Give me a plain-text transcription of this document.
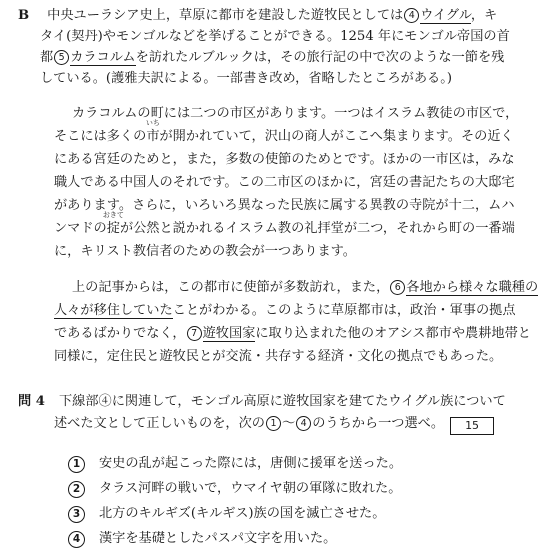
B 中央ユーラシア史上，草原に都市を建設した遊牧民としては 4 ウイグル，キ
タイ(契丹)やモンゴルなどを挙げることができる。1254 年にモンゴル帝国の首
都 5 カラコルムを訪れたルブルックは，その旅行記の中で次のような一節を残
している。(護雅夫訳による。一部書き改め，省略したところがある。)
カラコルムの町には二つの市区があります。一つはイスラム教徒の市区で，
そこには多くの
いち
市が開かれていて，沢山の商人がここへ集まります。その近く
にある宮廷のためと，また，多数の使節のためとです。ほかの一市区は，みな
職人である中国人のそれです。この二市区のほかに，宮廷の書記たちの大邸宅
があります。さらに，いろいろ異なった民族に属する異教の寺院が十二，ムハ
ンマドの
おきて
掟が公然と説かれるイスラム教の礼拝堂が二つ，それから町の一番端
に，キリスト教信者のための教会が一つあります。
上の記事からは，この都市に使節が多数訪れ，また， 6 各地から様々な職種の
人々が移住していたことがわかる。このように草原都市は，政治・軍事の拠点
であるばかりでなく， 7 遊牧国家に取り込まれた他のオアシス都市や農耕地帯と
同様に，定住民と遊牧民とが交流・共存する経済・文化の拠点でもあった。
問 4 下線部④に関連して，モンゴル高原に遊牧国家を建てたウイグル族について
述べた文として正しいものを，次の 1 ～ 4 のうちから一つ選べ。 15
1 安史の乱が起こった際には，唐側に援軍を送った。
2 タラス河畔の戦いで，ウマイヤ朝の軍隊に敗れた。
3 北方のキルギズ(キルギス)族の国を滅亡させた。
4 漢字を基礎としたパスパ文字を用いた。
